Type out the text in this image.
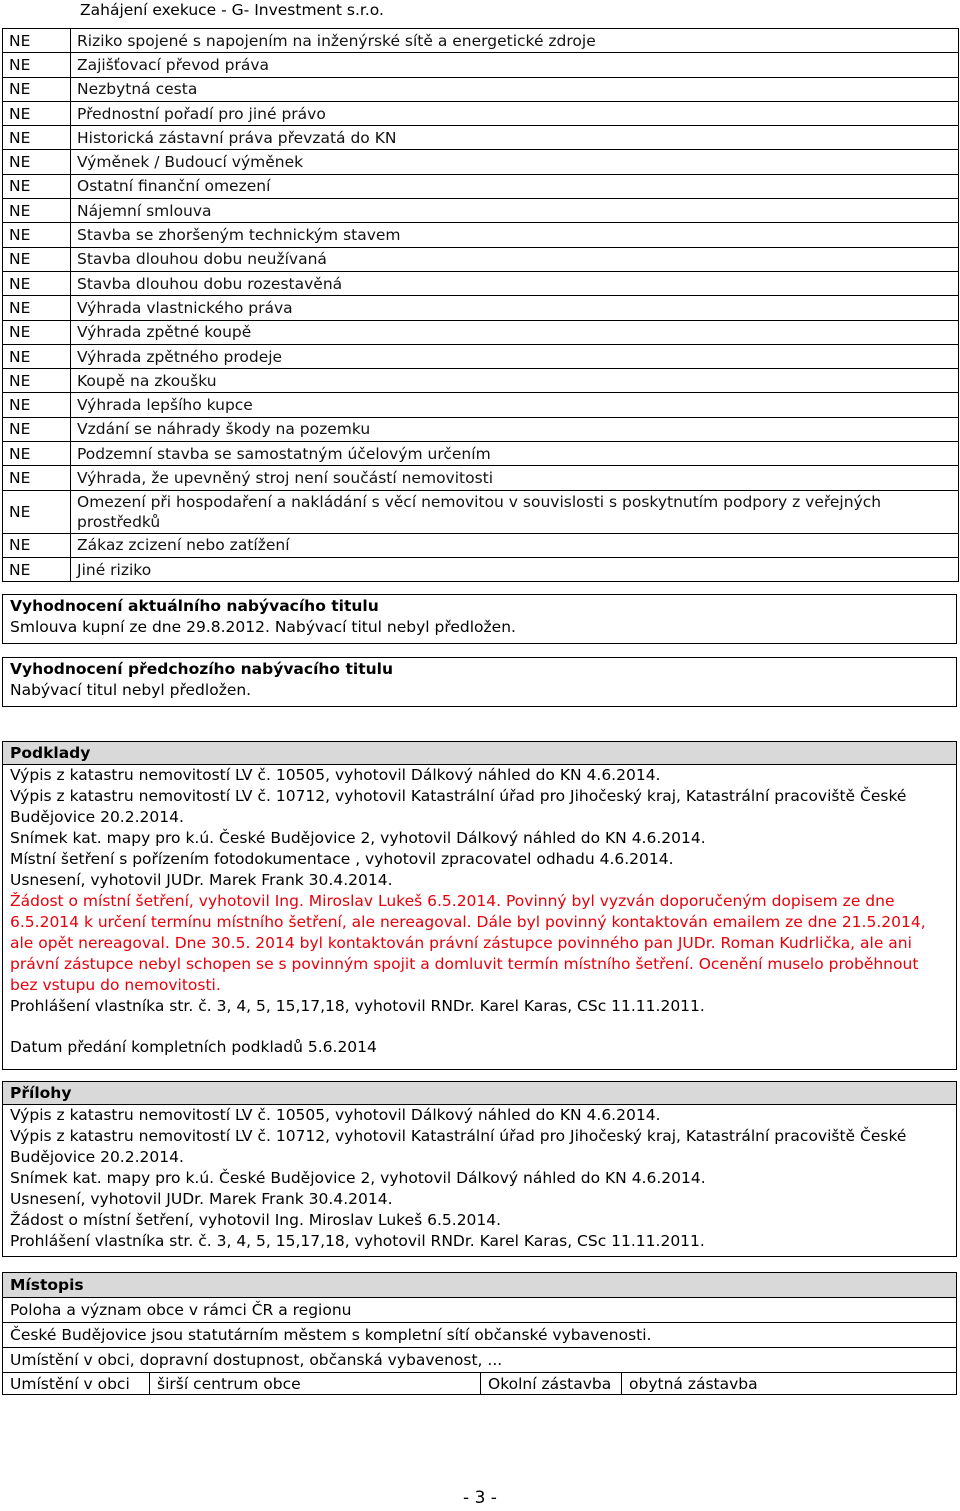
Zahájení exekuce - G- Investment s.r.o.
NE	Riziko spojené s napojením na inženýrské sítě a energetické zdroje
NE	Zajišťovací převod práva
NE	Nezbytná cesta
NE	Přednostní pořadí pro jiné právo
NE	Historická zástavní práva převzatá do KN
NE	Výměnek / Budoucí výměnek
NE	Ostatní finanční omezení
NE	Nájemní smlouva
NE	Stavba se zhoršeným technickým stavem
NE	Stavba dlouhou dobu neužívaná
NE	Stavba dlouhou dobu rozestavěná
NE	Výhrada vlastnického práva
NE	Výhrada zpětné koupě
NE	Výhrada zpětného prodeje
NE	Koupě na zkoušku
NE	Výhrada lepšího kupce
NE	Vzdání se náhrady škody na pozemku
NE	Podzemní stavba se samostatným účelovým určením
NE	Výhrada, že upevněný stroj není součástí nemovitosti
NE	Omezení při hospodaření a nakládání s věcí nemovitou v souvislosti s poskytnutím podpory z veřejných prostředků
NE	Zákaz zcizení nebo zatížení
NE	Jiné riziko
Vyhodnocení aktuálního nabývacího titulu
Smlouva kupní ze dne 29.8.2012. Nabývací titul nebyl předložen.
Vyhodnocení předchozího nabývacího titulu
Nabývací titul nebyl předložen.
Podklady
Výpis z katastru nemovitostí LV č. 10505, vyhotovil Dálkový náhled do KN 4.6.2014.
Výpis z katastru nemovitostí LV č. 10712, vyhotovil Katastrální úřad pro Jihočeský kraj, Katastrální pracoviště České Budějovice 20.2.2014.
Snímek kat. mapy pro k.ú. České Budějovice 2, vyhotovil Dálkový náhled do KN 4.6.2014.
Místní šetření s pořízením fotodokumentace , vyhotovil zpracovatel odhadu 4.6.2014.
Usnesení, vyhotovil JUDr. Marek Frank 30.4.2014.
Žádost o místní šetření, vyhotovil Ing. Miroslav Lukeš 6.5.2014. Povinný byl vyzván doporučeným dopisem ze dne 6.5.2014 k určení termínu místního šetření, ale nereagoval. Dále byl povinný kontaktován emailem ze dne 21.5.2014, ale opět nereagoval. Dne 30.5. 2014 byl kontaktován právní zástupce povinného pan JUDr. Roman Kudrlička, ale ani právní zástupce nebyl schopen se s povinným spojit a domluvit termín místního šetření. Ocenění muselo proběhnout bez vstupu do nemovitosti.
Prohlášení vlastníka str. č. 3, 4, 5, 15,17,18, vyhotovil RNDr. Karel Karas, CSc 11.11.2011.
Datum předání kompletních podkladů 5.6.2014
Přílohy
Výpis z katastru nemovitostí LV č. 10505, vyhotovil Dálkový náhled do KN 4.6.2014.
Výpis z katastru nemovitostí LV č. 10712, vyhotovil Katastrální úřad pro Jihočeský kraj, Katastrální pracoviště České Budějovice 20.2.2014.
Snímek kat. mapy pro k.ú. České Budějovice 2, vyhotovil Dálkový náhled do KN 4.6.2014.
Usnesení, vyhotovil JUDr. Marek Frank 30.4.2014.
Žádost o místní šetření, vyhotovil Ing. Miroslav Lukeš 6.5.2014.
Prohlášení vlastníka str. č. 3, 4, 5, 15,17,18, vyhotovil RNDr. Karel Karas, CSc 11.11.2011.
Místopis
Poloha a význam obce v rámci ČR a regionu
České Budějovice jsou statutárním městem s kompletní sítí občanské vybavenosti.
Umístění v obci, dopravní dostupnost, občanská vybavenost, ...
Umístění v obci	širší centrum obce	Okolní zástavba	obytná zástavba
- 3 -
